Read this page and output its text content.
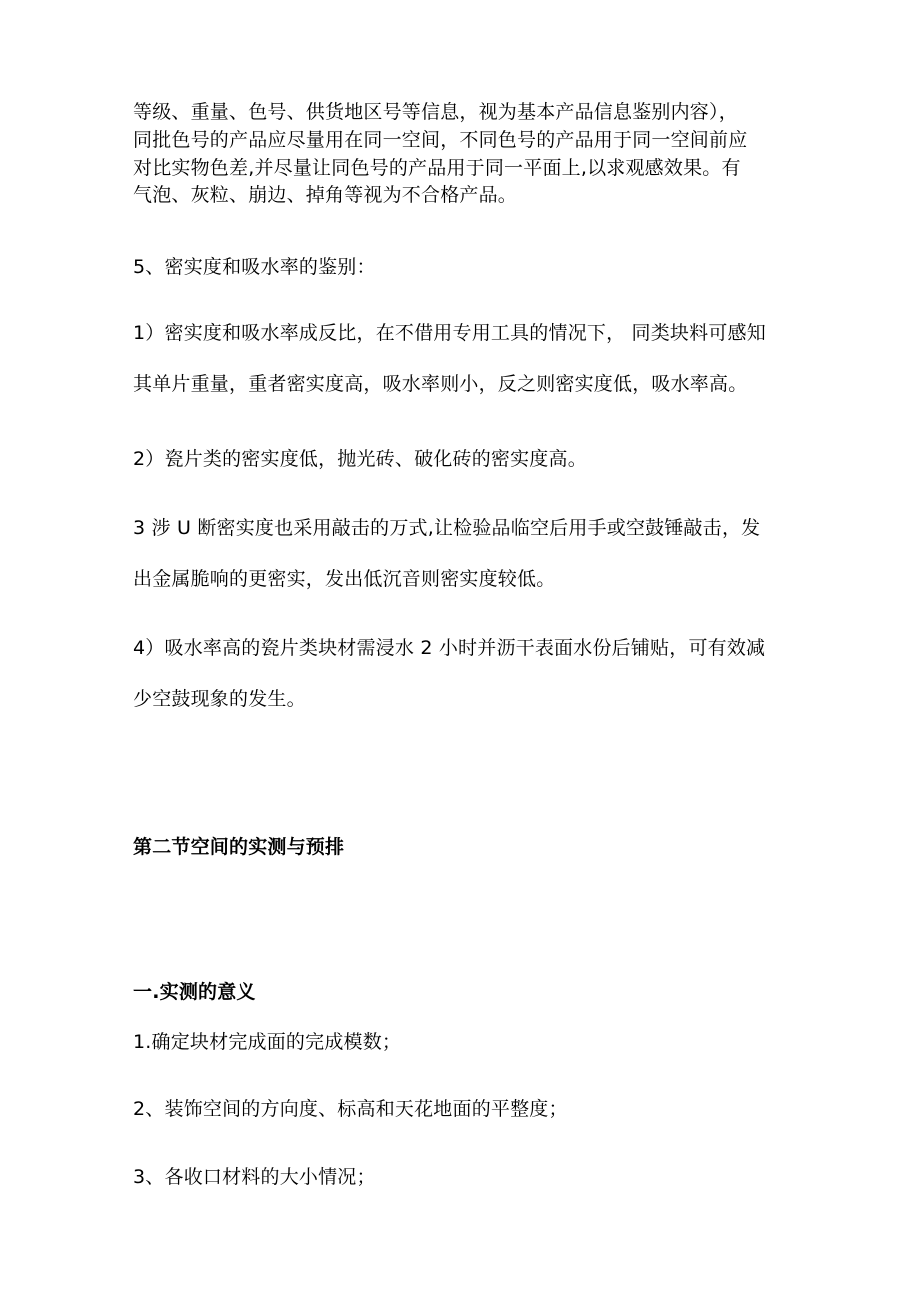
等级、重量、色号、供货地区号等信息，视为基本产品信息鉴别内容），
同批色号的产品应尽量用在同一空间，不同色号的产品用于同一空间前应
对比实物色差,并尽量让同色号的产品用于同一平面上,以求观感效果。有
气泡、灰粒、崩边、掉角等视为不合格产品。
5、密实度和吸水率的鉴别：
1）密实度和吸水率成反比，在不借用专用工具的情况下， 同类块料可感知
其单片重量，重者密实度高，吸水率则小，反之则密实度低，吸水率高。
2）瓷片类的密实度低，抛光砖、破化砖的密实度高。
3 涉 U 断密实度也采用敲击的万式,让检验品临空后用手或空鼓锤敲击，发
出金属脆响的更密实，发出低沉音则密实度较低。
4）吸水率高的瓷片类块材需浸水 2 小时并沥干表面水份后铺贴，可有效减
少空鼓现象的发生。
第二节空间的实测与预排
一.实测的意义
1.确定块材完成面的完成模数；
2、装饰空间的方向度、标高和天花地面的平整度；
3、各收口材料的大小情况；
